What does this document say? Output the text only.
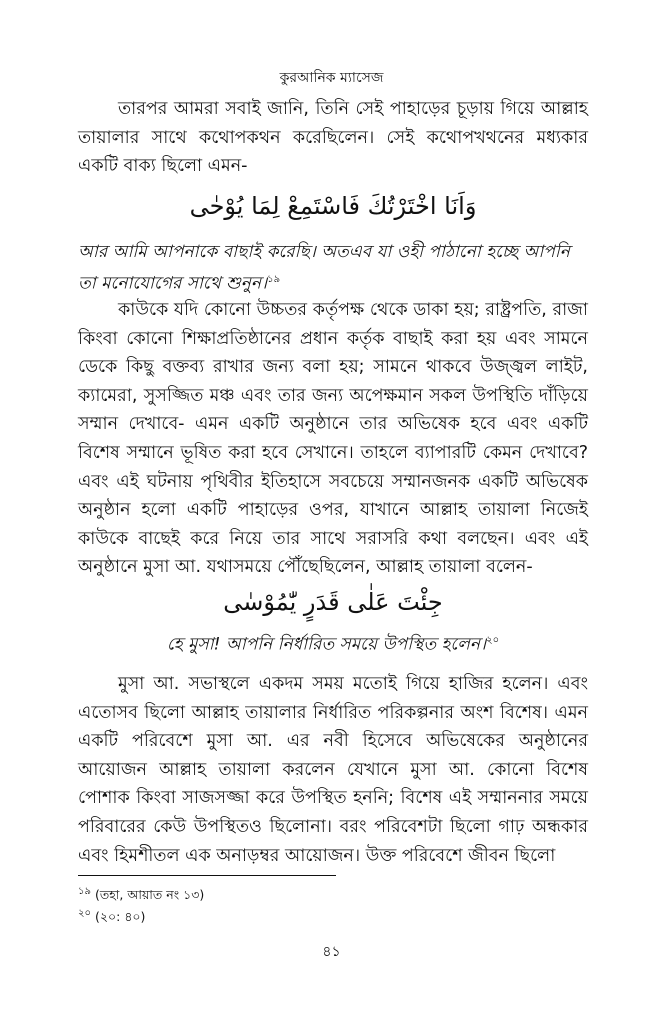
কুরআনিক ম্যাসেজ

তারপর আমরা সবাই জানি, তিনি সেই পাহাড়ের চূড়ায় গিয়ে আল্লাহ তায়ালার সাথে কথোপকথন করেছিলেন। সেই কথোপখথনের মধ্যকার একটি বাক্য ছিলো এমন-

وَاَنَا اخْتَرْتُكَ فَاسْتَمِعْ لِمَا يُوْحٰى

আর আমি আপনাকে বাছাই করেছি। অতএব যা ওহী পাঠানো হচ্ছে আপনি তা মনোযোগের সাথে শুনুন।$^{১৯}$

কাউকে যদি কোনো উচ্চতর কর্তৃপক্ষ থেকে ডাকা হয়; রাষ্ট্রপতি, রাজা কিংবা কোনো শিক্ষাপ্রতিষ্ঠানের প্রধান কর্তৃক বাছাই করা হয় এবং সামনে ডেকে কিছু বক্তব্য রাখার জন্য বলা হয়; সামনে থাকবে উজ্জ্বল লাইট, ক্যামেরা, সুসজ্জিত মঞ্চ এবং তার জন্য অপেক্ষমান সকল উপস্থিতি দাঁড়িয়ে সম্মান দেখাবে- এমন একটি অনুষ্ঠানে তার অভিষেক হবে এবং একটি বিশেষ সম্মানে ভূষিত করা হবে সেখানে। তাহলে ব্যাপারটি কেমন দেখাবে? এবং এই ঘটনায় পৃথিবীর ইতিহাসে সবচেয়ে সম্মানজনক একটি অভিষেক অনুষ্ঠান হলো একটি পাহাড়ের ওপর, যাখানে আল্লাহ তায়ালা নিজেই কাউকে বাছেই করে নিয়ে তার সাথে সরাসরি কথা বলছেন। এবং এই অনুষ্ঠানে মুসা আ. যথাসময়ে পৌঁছেছিলেন, আল্লাহ তায়ালা বলেন-

جِئْتَ عَلٰى قَدَرٍ يّٰمُوْسٰى

হে মুসা! আপনি নির্ধারিত সময়ে উপস্থিত হলেন।$^{২০}$

মুসা আ. সভাস্থলে একদম সময় মতোই গিয়ে হাজির হলেন। এবং এতোসব ছিলো আল্লাহ তায়ালার নির্ধারিত পরিকল্পনার অংশ বিশেষ। এমন একটি পরিবেশে মুসা আ. এর নবী হিসেবে অভিষেকের অনুষ্ঠানের আয়োজন আল্লাহ তায়ালা করলেন যেখানে মুসা আ. কোনো বিশেষ পোশাক কিংবা সাজসজ্জা করে উপস্থিত হননি; বিশেষ এই সম্মাননার সময়ে পরিবারের কেউ উপস্থিতও ছিলোনা। বরং পরিবেশটা ছিলো গাঢ় অন্ধকার এবং হিমশীতল এক অনাড়ম্বর আয়োজন। উক্ত পরিবেশে জীবন ছিলো

$^{১৯}$ (তহা, আয়াত নং ১৩)
$^{২০}$ (২০: ৪০)
৪১
